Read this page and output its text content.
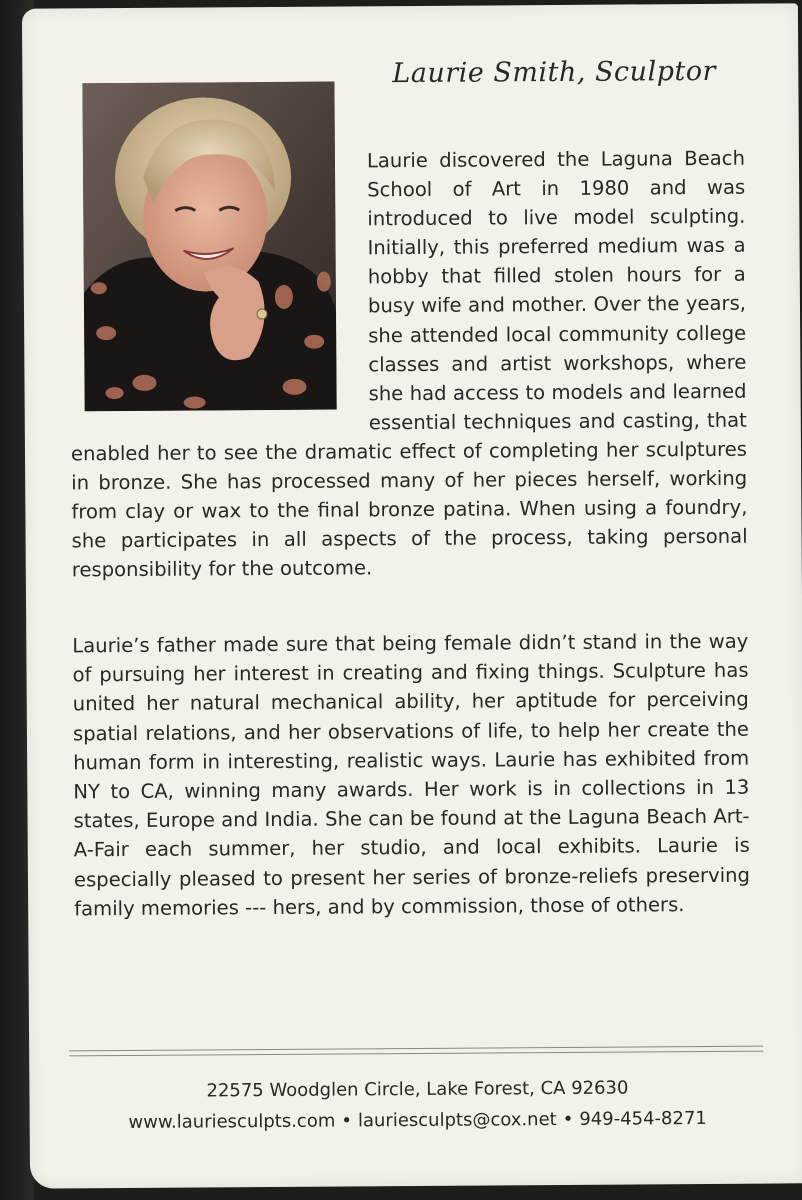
Laurie Smith, Sculptor

Laurie discovered the Laguna Beach School of Art in 1980 and was introduced to live model sculpting. Initially, this preferred medium was a hobby that filled stolen hours for a busy wife and mother. Over the years, she attended local community college classes and artist workshops, where she had access to models and learned essential techniques and casting, that enabled her to see the dramatic effect of completing her sculptures in bronze. She has processed many of her pieces herself, working from clay or wax to the final bronze patina. When using a foundry, she participates in all aspects of the process, taking personal responsibility for the outcome.

Laurie’s father made sure that being female didn’t stand in the way of pursuing her interest in creating and fixing things. Sculpture has united her natural mechanical ability, her aptitude for perceiving spatial relations, and her observations of life, to help her create the human form in interesting, realistic ways. Laurie has exhibited from NY to CA, winning many awards. Her work is in collections in 13 states, Europe and India. She can be found at the Laguna Beach Art-A-Fair each summer, her studio, and local exhibits. Laurie is especially pleased to present her series of bronze-reliefs preserving family memories --- hers, and by commission, those of others.

22575 Woodglen Circle, Lake Forest, CA 92630
www.lauriesculpts.com • lauriesculpts@cox.net • 949-454-8271
